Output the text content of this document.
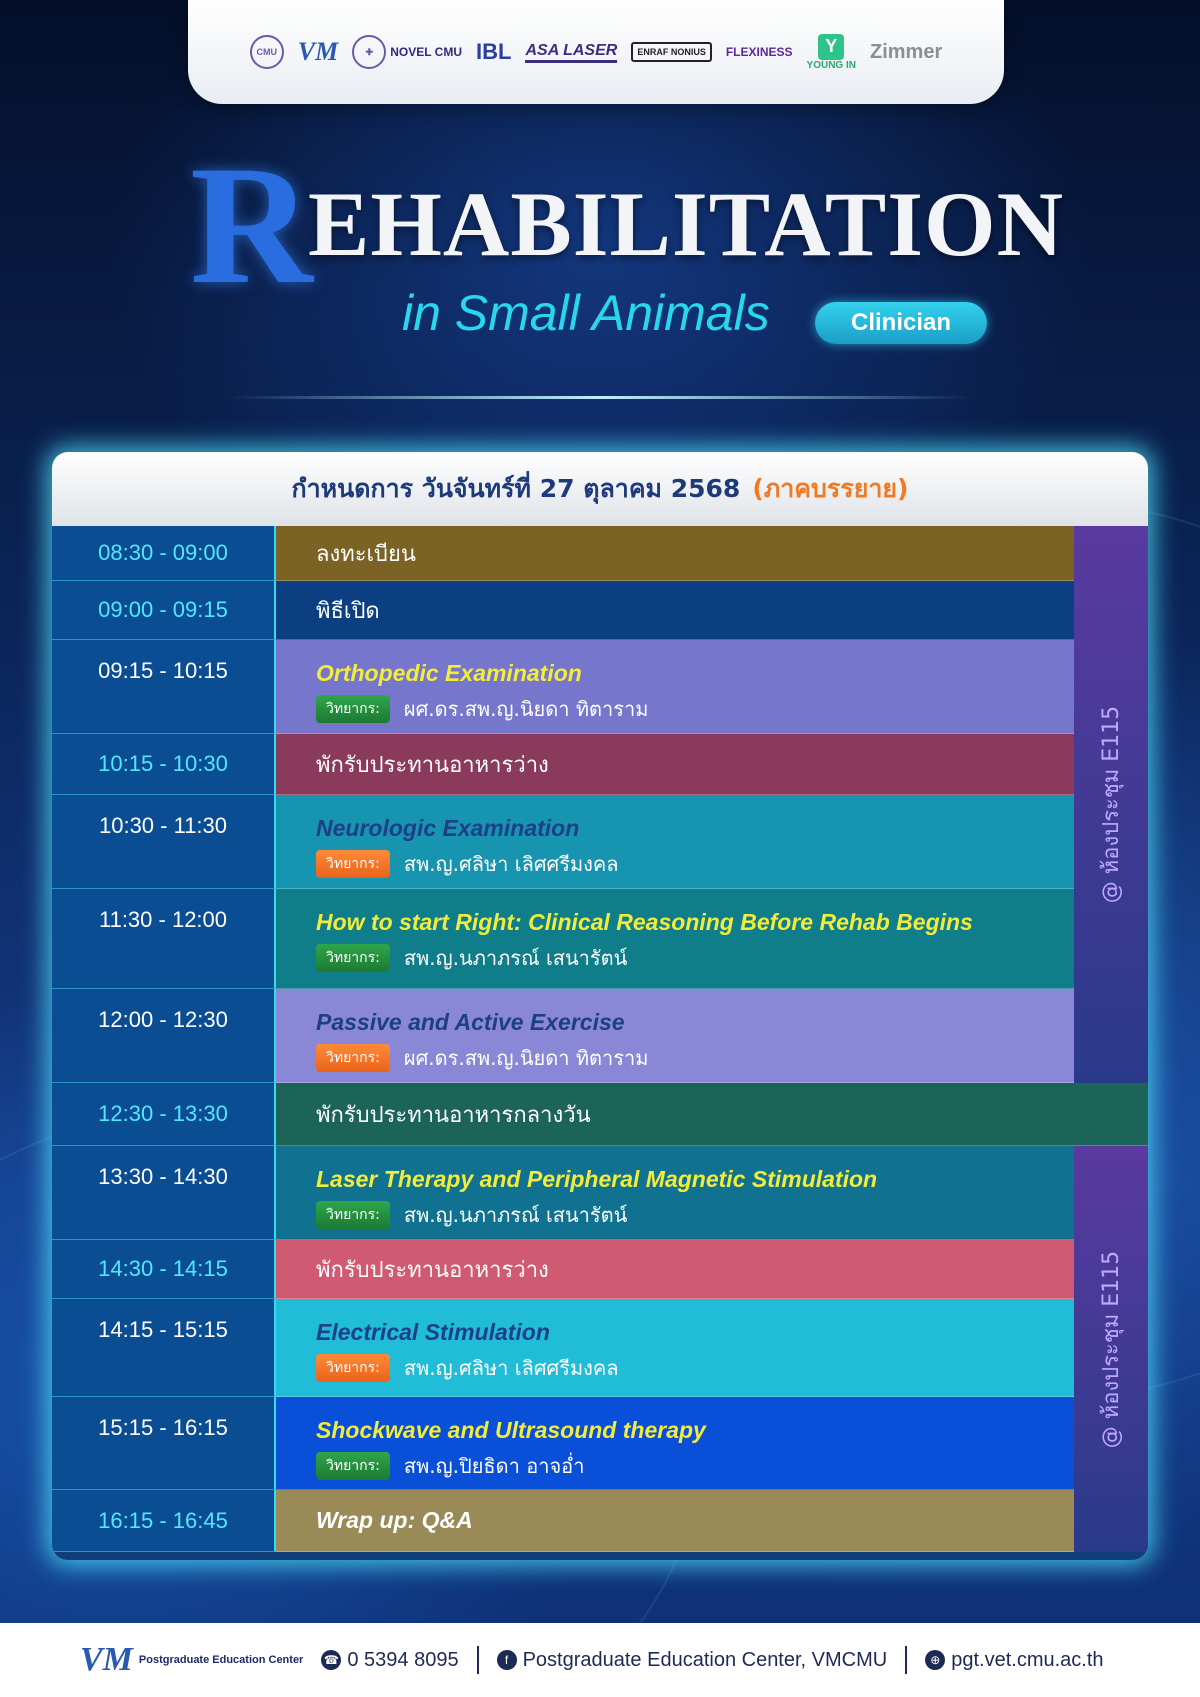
CMU VM	✚	NOVEL CMU IBL ASA LASER	ENRAF NONIUS	FLEXINESS	Y
YOUNG IN
Zimmer
R
EHABILITATION
in Small Animals	Clinician
กำหนดการ วันจันทร์ที่ 27 ตุลาคม 2568 (ภาคบรรยาย)
08:30 - 09:00	ลงทะเบียน
09:00 - 09:15	พิธีเปิด
09:15 - 10:15	Orthopedic Examination
วิทยากร:	ผศ.ดร.สพ.ญ.นิยดา ทิตาราม
10:15 - 10:30	พักรับประทานอาหารว่าง
10:30 - 11:30	Neurologic Examination
วิทยากร:	สพ.ญ.ศลิษา เลิศศรีมงคล
11:30 - 12:00	How to start Right: Clinical Reasoning Before Rehab Begins
วิทยากร:	สพ.ญ.นภาภรณ์ เสนารัตน์
12:00 - 12:30	Passive and Active Exercise
วิทยากร:	ผศ.ดร.สพ.ญ.นิยดา ทิตาราม
12:30 - 13:30	พักรับประทานอาหารกลางวัน
13:30 - 14:30	Laser Therapy and Peripheral Magnetic Stimulation
วิทยากร:	สพ.ญ.นภาภรณ์ เสนารัตน์
14:30 - 14:15	พักรับประทานอาหารว่าง
14:15 - 15:15	Electrical Stimulation
วิทยากร:	สพ.ญ.ศลิษา เลิศศรีมงคล
15:15 - 16:15	Shockwave and Ultrasound therapy
วิทยากร:	สพ.ญ.ปิยธิดา อาจอ่ำ
16:15 - 16:45	Wrap up: Q&A
@ ห้องประชุม E115
@ ห้องประชุม E115
VM Postgraduate Education Center ☎ 0 5394 8095	f Postgraduate Education Center, VMCMU	⊕ pgt.vet.cmu.ac.th
